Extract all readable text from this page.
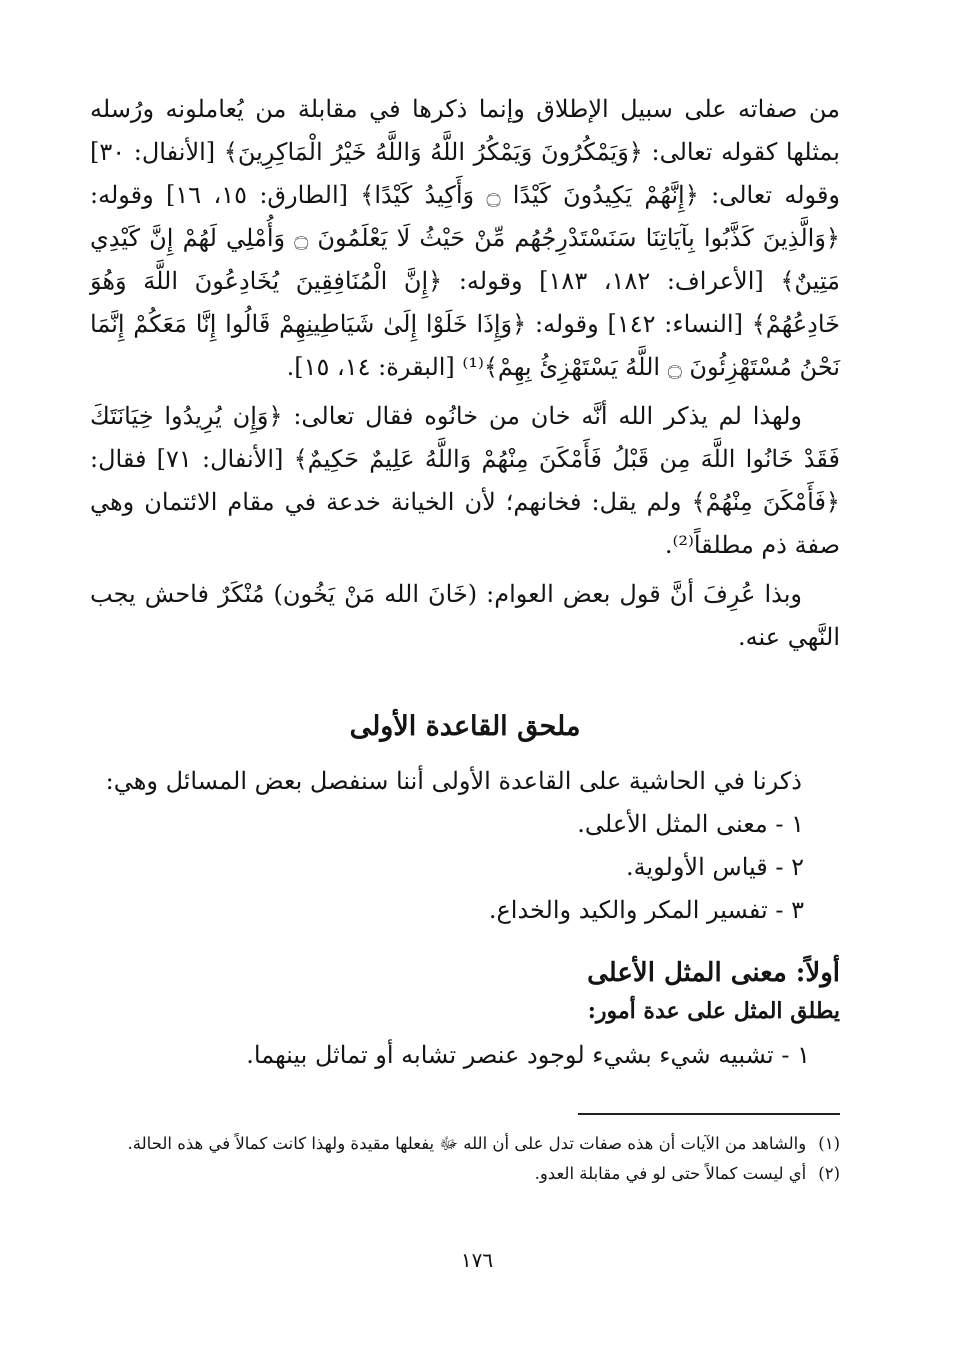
من صفاته على سبيل الإطلاق وإنما ذكرها في مقابلة من يُعاملونه ورُسله بمثلها كقوله تعالى: ﴿وَيَمْكُرُونَ وَيَمْكُرُ اللَّهُ وَاللَّهُ خَيْرُ الْمَاكِرِينَ﴾ [الأنفال: ٣٠] وقوله تعالى: ﴿إِنَّهُمْ يَكِيدُونَ كَيْدًا ۝ وَأَكِيدُ كَيْدًا﴾ [الطارق: ١٥، ١٦] وقوله: ﴿وَالَّذِينَ كَذَّبُوا بِآيَاتِنَا سَنَسْتَدْرِجُهُم مِّنْ حَيْثُ لَا يَعْلَمُونَ ۝ وَأُمْلِي لَهُمْ إِنَّ كَيْدِي مَتِينٌ﴾ [الأعراف: ١٨٢، ١٨٣] وقوله: ﴿إِنَّ الْمُنَافِقِينَ يُخَادِعُونَ اللَّهَ وَهُوَ خَادِعُهُمْ﴾ [النساء: ١٤٢] وقوله: ﴿وَإِذَا خَلَوْا إِلَىٰ شَيَاطِينِهِمْ قَالُوا إِنَّا مَعَكُمْ إِنَّمَا نَحْنُ مُسْتَهْزِئُونَ ۝ اللَّهُ يَسْتَهْزِئُ بِهِمْ﴾⁽¹⁾ [البقرة: ١٤، ١٥].

ولهذا لم يذكر الله أنَّه خان من خانُوه فقال تعالى: ﴿وَإِن يُرِيدُوا خِيَانَتَكَ فَقَدْ خَانُوا اللَّهَ مِن قَبْلُ فَأَمْكَنَ مِنْهُمْ وَاللَّهُ عَلِيمٌ حَكِيمٌ﴾ [الأنفال: ٧١] فقال: ﴿فَأَمْكَنَ مِنْهُمْ﴾ ولم يقل: فخانهم؛ لأن الخيانة خدعة في مقام الائتمان وهي صفة ذم مطلقاً⁽²⁾.

وبذا عُرِفَ أنَّ قول بعض العوام: (خَانَ الله مَنْ يَخُون) مُنْكَرٌ فاحش يجب النَّهي عنه.

ملحق القاعدة الأولى

ذكرنا في الحاشية على القاعدة الأولى أننا سنفصل بعض المسائل وهي:

١ - معنى المثل الأعلى.

٢ - قياس الأولوية.

٣ - تفسير المكر والكيد والخداع.

أولاً: معنى المثل الأعلى
يطلق المثل على عدة أمور:

١ - تشبيه شيء بشيء لوجود عنصر تشابه أو تماثل بينهما.

(١)
والشاهد من الآيات أن هذه صفات تدل على أن الله ﷻ يفعلها مقيدة ولهذا كانت كمالاً في هذه الحالة.
(٢)
أي ليست كمالاً حتى لو في مقابلة العدو.
١٧٦
